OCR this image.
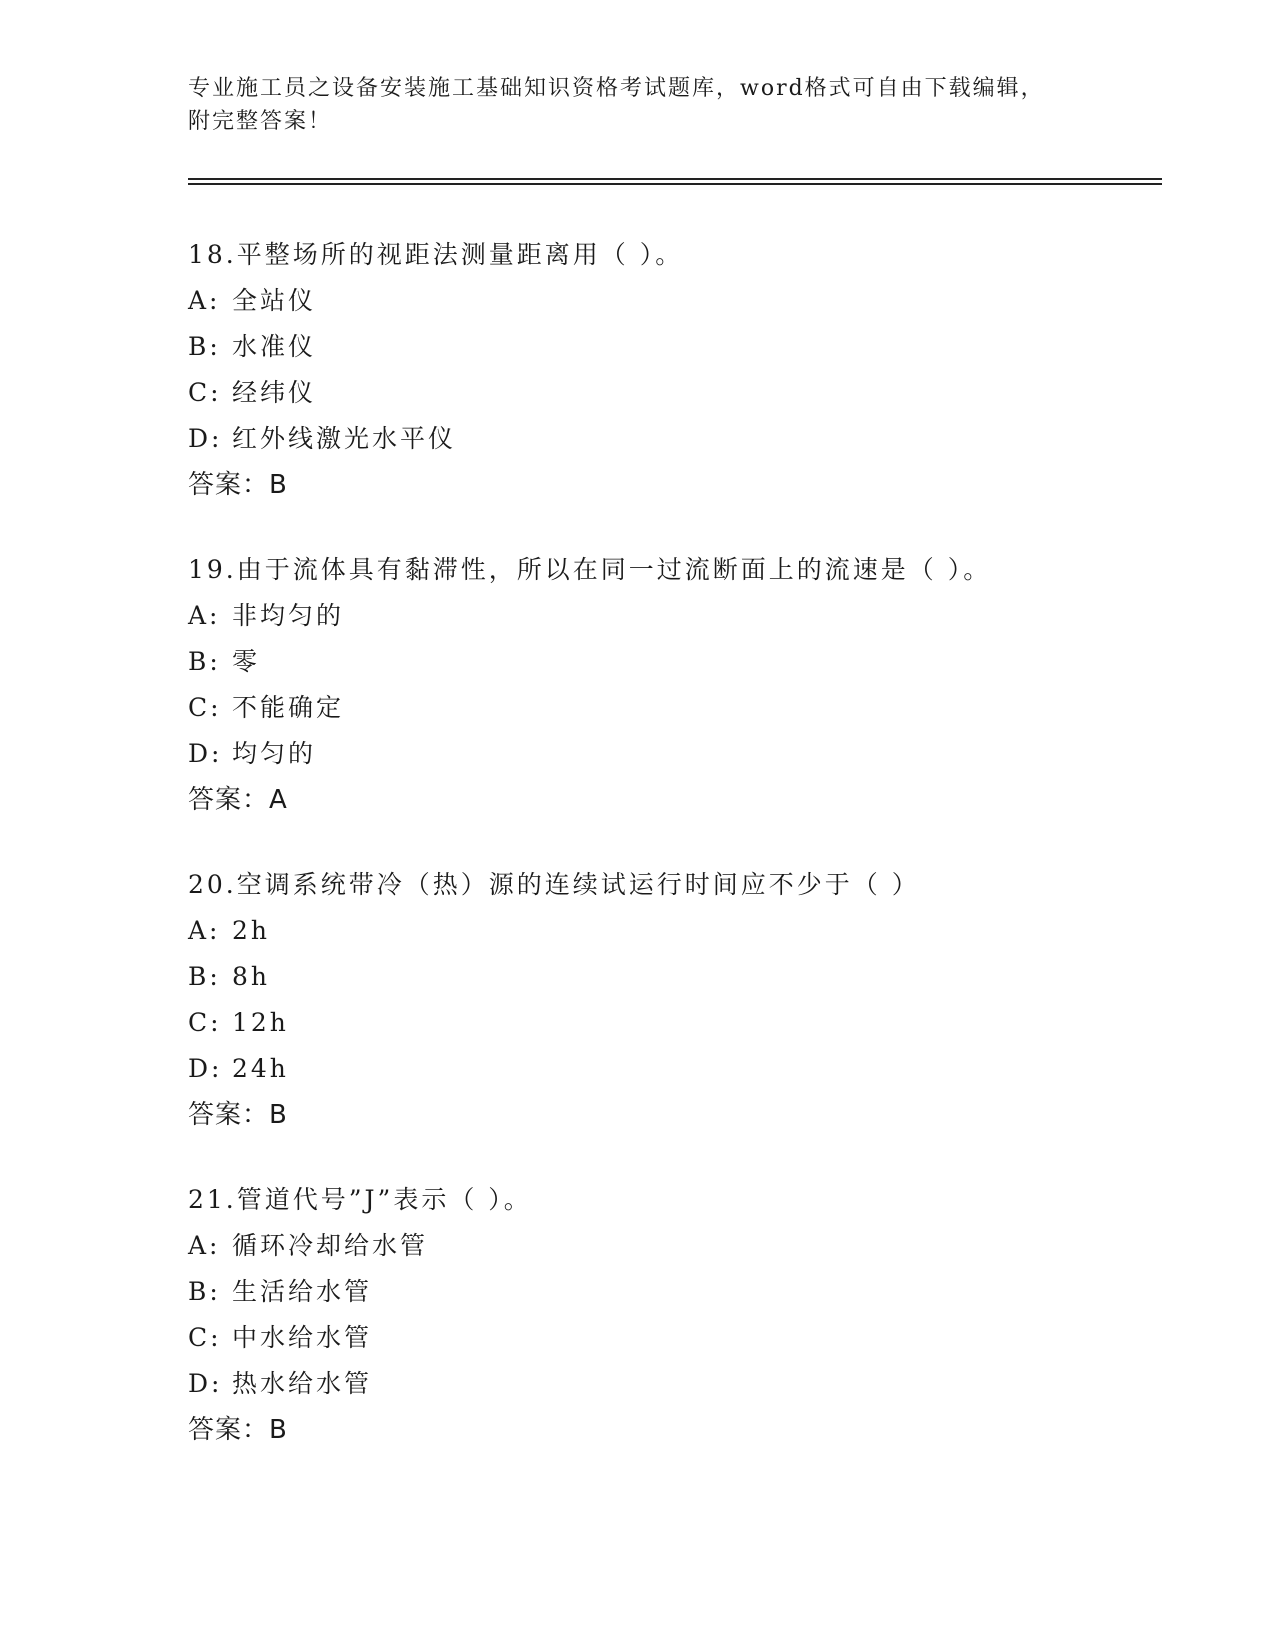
专业施工员之设备安装施工基础知识资格考试题库，word格式可自由下载编辑，
附完整答案！
18.平整场所的视距法测量距离用（ ）。
A: 全站仪
B: 水准仪
C: 经纬仪
D: 红外线激光水平仪
答案：B
19.由于流体具有黏滞性，所以在同一过流断面上的流速是（ ）。
A: 非均匀的
B: 零
C: 不能确定
D: 均匀的
答案：A
20.空调系统带冷（热）源的连续试运行时间应不少于（ ）
A: 2h
B: 8h
C: 12h
D: 24h
答案：B
21.管道代号”J”表示（ ）。
A: 循环冷却给水管
B: 生活给水管
C: 中水给水管
D: 热水给水管
答案：B
